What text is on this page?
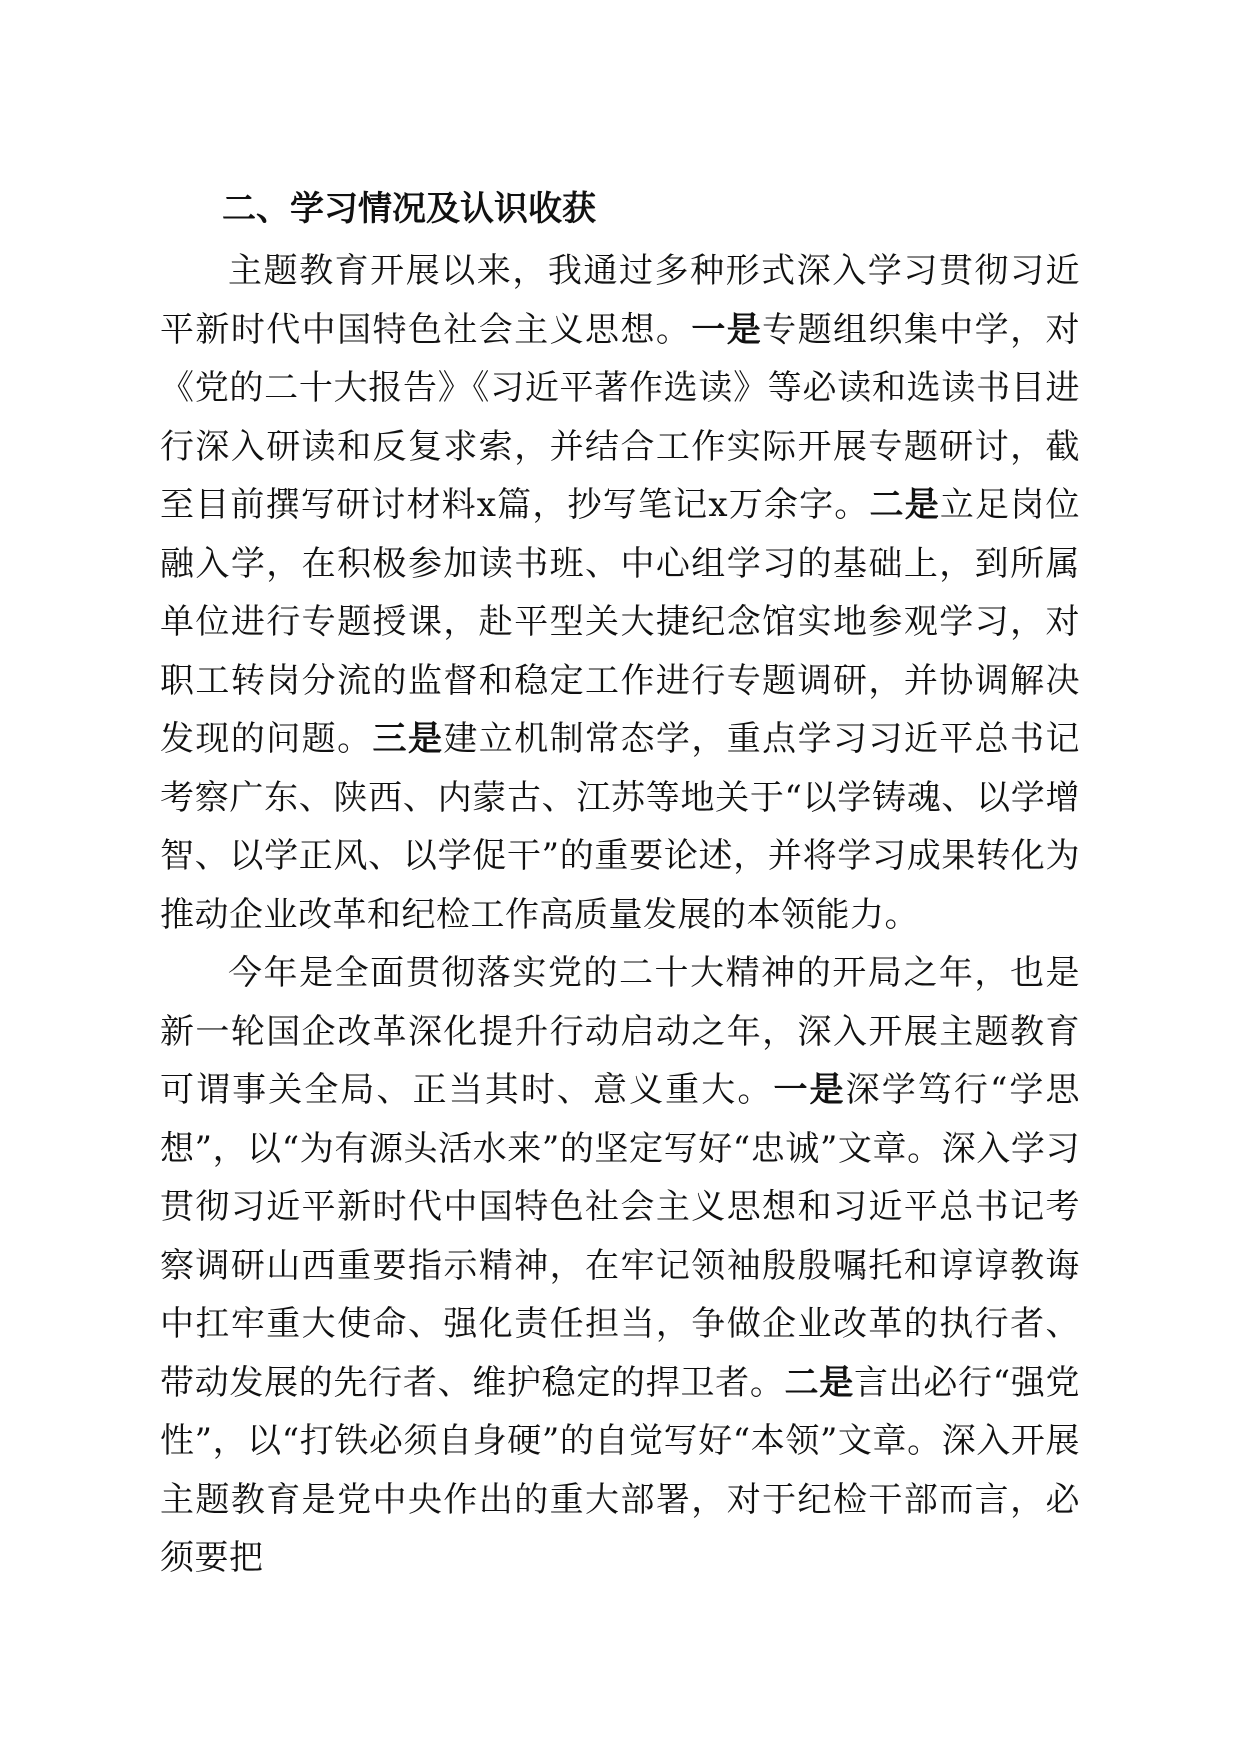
二、学习情况及认识收获

主题教育开展以来，我通过多种形式深入学习贯彻习近平新时代中国特色社会主义思想。一是专题组织集中学，对《党的二十大报告》《习近平著作选读》等必读和选读书目进行深入研读和反复求索，并结合工作实际开展专题研讨，截至目前撰写研讨材料x篇，抄写笔记x万余字。二是立足岗位融入学，在积极参加读书班、中心组学习的基础上，到所属单位进行专题授课，赴平型关大捷纪念馆实地参观学习，对职工转岗分流的监督和稳定工作进行专题调研，并协调解决发现的问题。三是建立机制常态学，重点学习习近平总书记考察广东、陕西、内蒙古、江苏等地关于“以学铸魂、以学增智、以学正风、以学促干”的重要论述，并将学习成果转化为推动企业改革和纪检工作高质量发展的本领能力。

今年是全面贯彻落实党的二十大精神的开局之年，也是新一轮国企改革深化提升行动启动之年，深入开展主题教育可谓事关全局、正当其时、意义重大。一是深学笃行“学思想”，以“为有源头活水来”的坚定写好“忠诚”文章。深入学习贯彻习近平新时代中国特色社会主义思想和习近平总书记考察调研山西重要指示精神，在牢记领袖殷殷嘱托和谆谆教诲中扛牢重大使命、强化责任担当，争做企业改革的执行者、带动发展的先行者、维护稳定的捍卫者。二是言出必行“强党性”，以“打铁必须自身硬”的自觉写好“本领”文章。深入开展主题教育是党中央作出的重大部署，对于纪检干部而言，必须要把
